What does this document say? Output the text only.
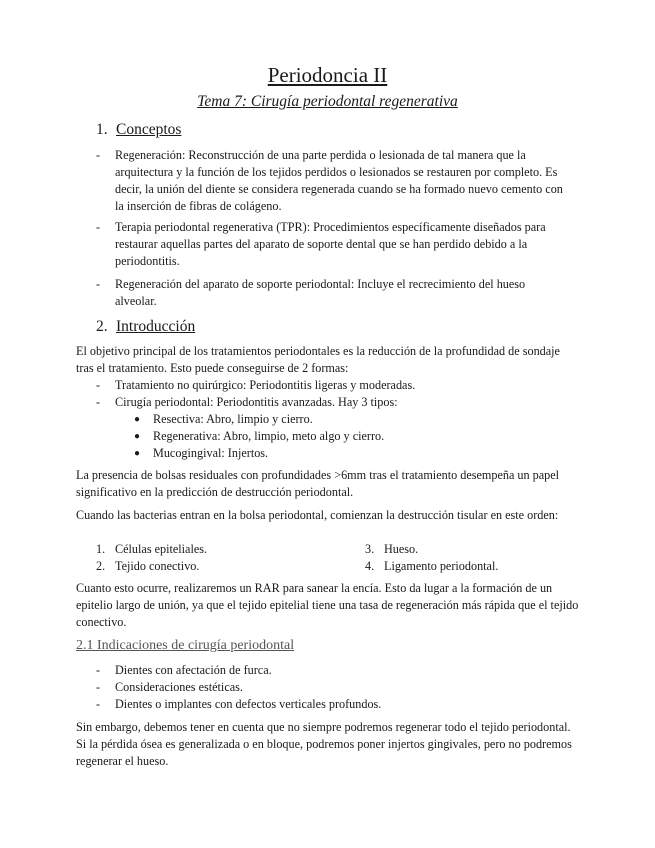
Periodoncia II
Tema 7: Cirugía periodontal regenerativa
1. Conceptos
- Regeneración: Reconstrucción de una parte perdida o lesionada de tal manera que la arquitectura y la función de los tejidos perdidos o lesionados se restauren por completo. Es decir, la unión del diente se considera regenerada cuando se ha formado nuevo cemento con la inserción de fibras de colágeno.
- Terapia periodontal regenerativa (TPR): Procedimientos específicamente diseñados para restaurar aquellas partes del aparato de soporte dental que se han perdido debido a la periodontitis.
- Regeneración del aparato de soporte periodontal: Incluye el recrecimiento del hueso alveolar.
2. Introducción
El objetivo principal de los tratamientos periodontales es la reducción de la profundidad de sondaje tras el tratamiento. Esto puede conseguirse de 2 formas:
- Tratamiento no quirúrgico: Periodontitis ligeras y moderadas.
- Cirugía periodontal: Periodontitis avanzadas. Hay 3 tipos:
● Resectiva: Abro, limpio y cierro.
● Regenerativa: Abro, limpio, meto algo y cierro.
● Mucogingival: Injertos.
La presencia de bolsas residuales con profundidades >6mm tras el tratamiento desempeña un papel significativo en la predicción de destrucción periodontal.
Cuando las bacterias entran en la bolsa periodontal, comienzan la destrucción tisular en este orden:
1. Células epiteliales.
2. Tejido conectivo.
3. Hueso.
4. Ligamento periodontal.
Cuanto esto ocurre, realizaremos un RAR para sanear la encía. Esto da lugar a la formación de un epitelio largo de unión, ya que el tejido epitelial tiene una tasa de regeneración más rápida que el tejido conectivo.
2.1 Indicaciones de cirugía periodontal
- Dientes con afectación de furca.
- Consideraciones estéticas.
- Dientes o implantes con defectos verticales profundos.
Sin embargo, debemos tener en cuenta que no siempre podremos regenerar todo el tejido periodontal. Si la pérdida ósea es generalizada o en bloque, podremos poner injertos gingivales, pero no podremos regenerar el hueso.
